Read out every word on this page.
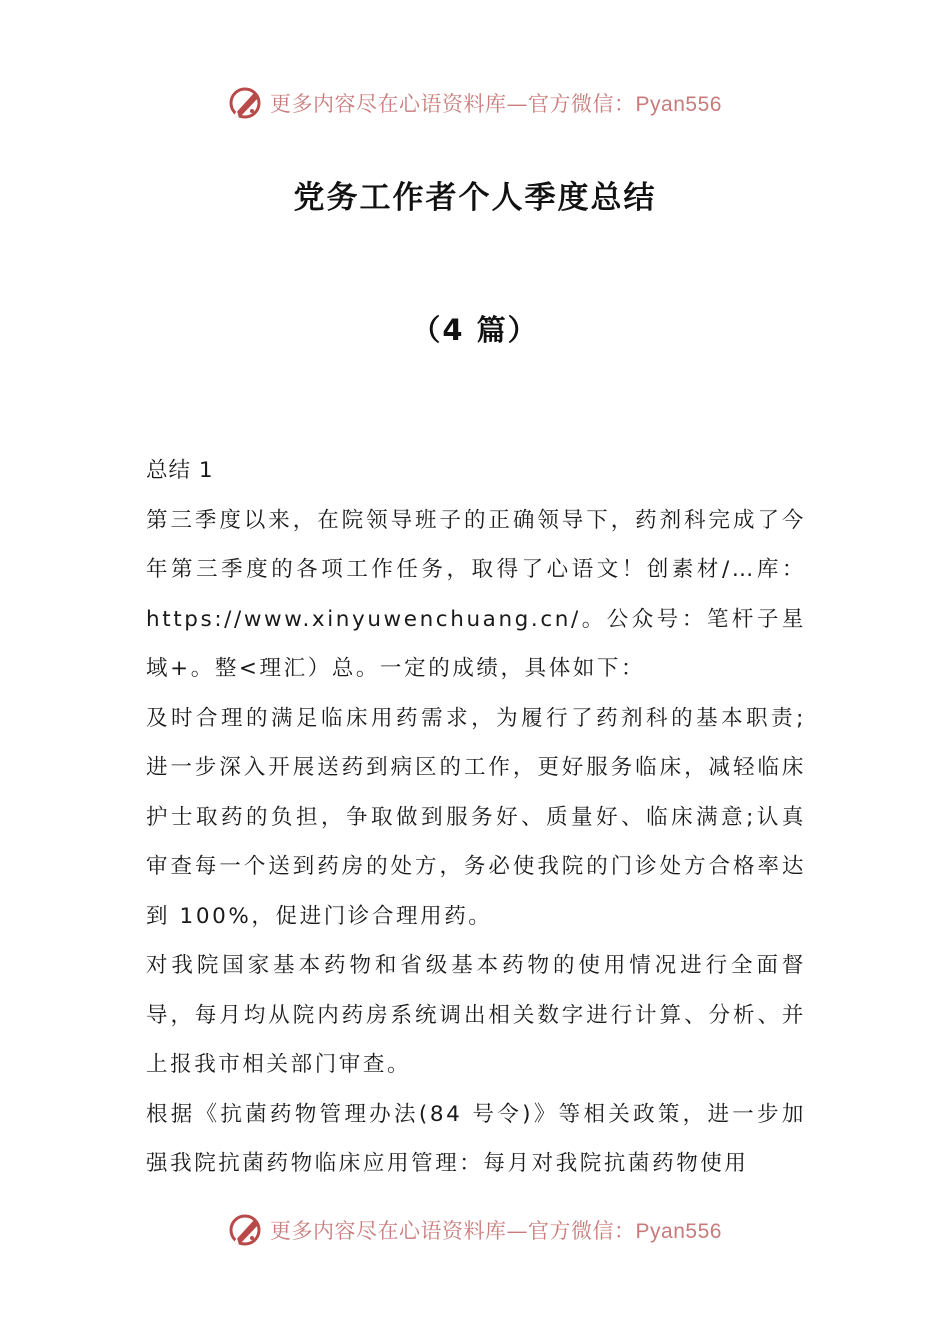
更多内容尽在心语资料库—官方微信：Pyan556
党务工作者个人季度总结
（4 篇）

总结 1

第三季度以来，在院领导班子的正确领导下，药剂科完成了今年第三季度的各项工作任务，取得了心语文！创素材/…库：https://www.xinyuwenchuang.cn/。公众号：笔杆子星域+。整<理汇）总。一定的成绩，具体如下：

及时合理的满足临床用药需求，为履行了药剂科的基本职责;进一步深入开展送药到病区的工作，更好服务临床，减轻临床护士取药的负担，争取做到服务好、质量好、临床满意;认真审查每一个送到药房的处方，务必使我院的门诊处方合格率达到 100%，促进门诊合理用药。

对我院国家基本药物和省级基本药物的使用情况进行全面督导，每月均从院内药房系统调出相关数字进行计算、分析、并上报我市相关部门审查。

根据《抗菌药物管理办法(84 号令)》等相关政策，进一步加强我院抗菌药物临床应用管理：每月对我院抗菌药物使用

更多内容尽在心语资料库—官方微信：Pyan556
